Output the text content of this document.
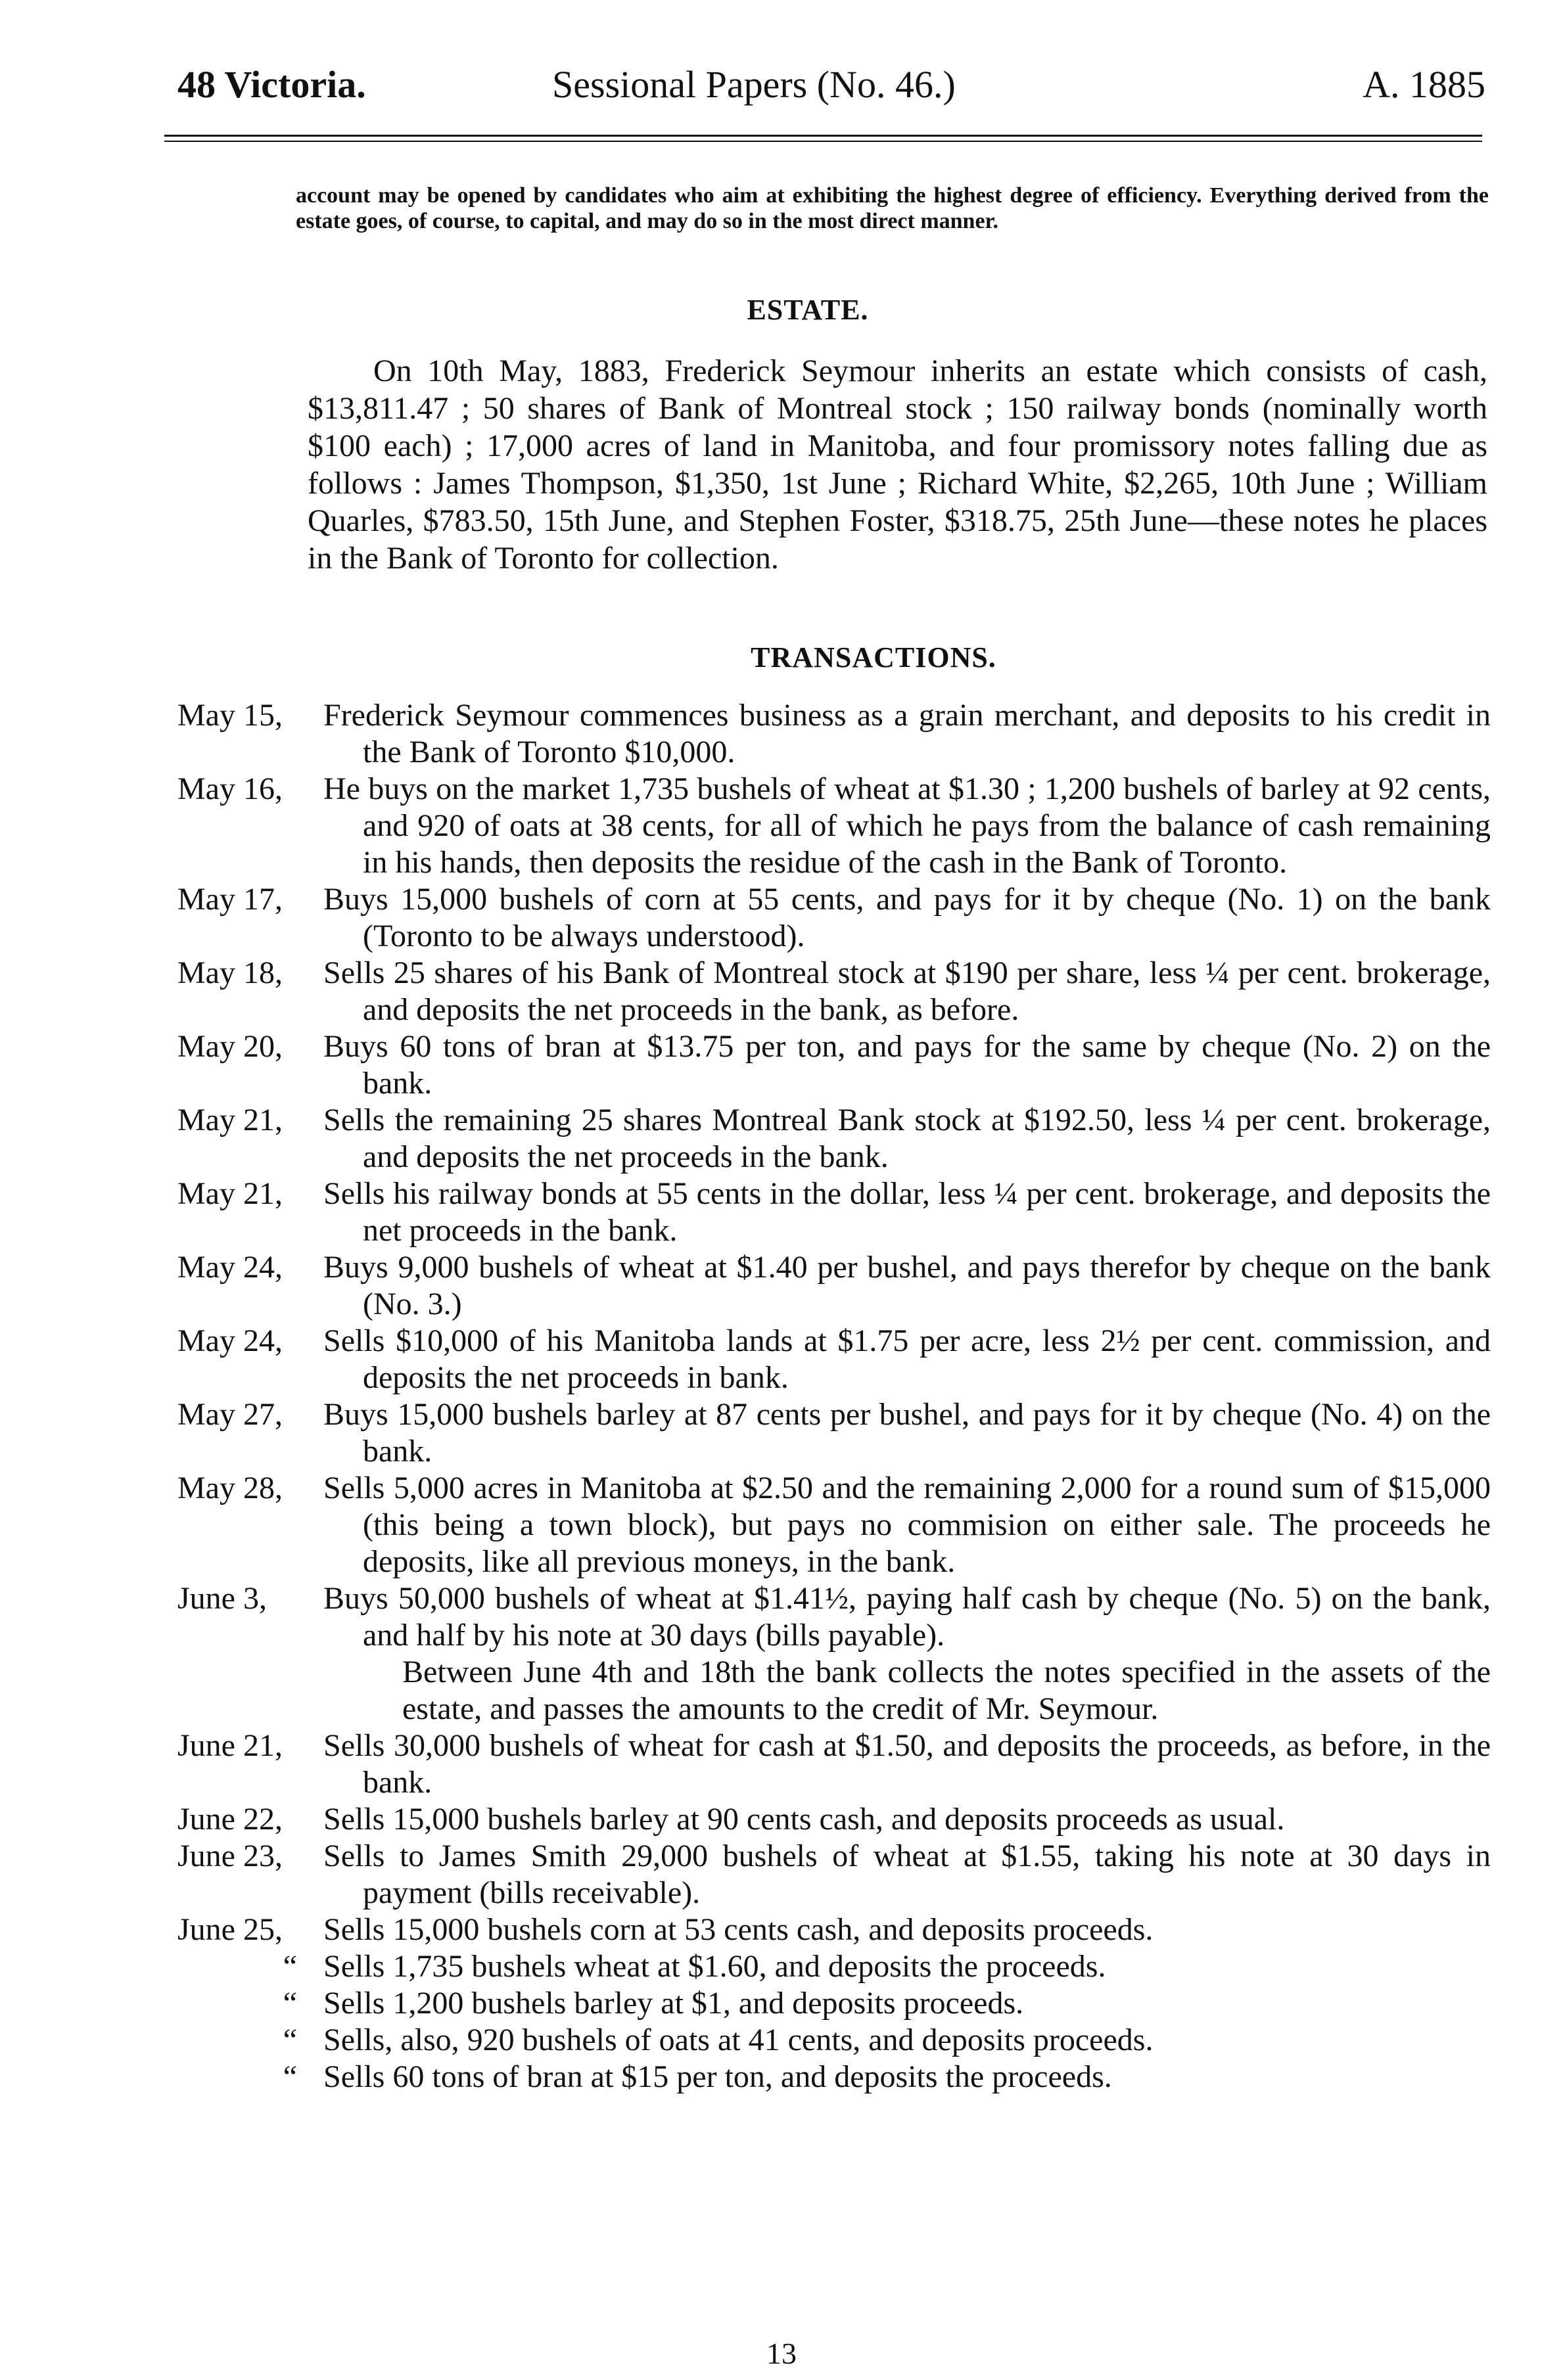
48 Victoria.	Sessional Papers (No. 46.)	A. 1885

account may be opened by candidates who aim at exhibiting the highest degree of efficiency. Everything derived from the estate goes, of course, to capital, and may do so in the most direct manner.

ESTATE.

On 10th May, 1883, Frederick Seymour inherits an estate which consists of cash, $13,811.47 ; 50 shares of Bank of Montreal stock ; 150 railway bonds (nominally worth $100 each) ; 17,000 acres of land in Manitoba, and four promissory notes falling due as follows : James Thompson, $1,350, 1st June ; Richard White, $2,265, 10th June ; William Quarles, $783.50, 15th June, and Stephen Foster, $318.75, 25th June—these notes he places in the Bank of Toronto for collection.

TRANSACTIONS.
May 15,	Frederick Seymour commences business as a grain merchant, and deposits to his credit in the Bank of Toronto $10,000.
May 16,	He buys on the market 1,735 bushels of wheat at $1.30 ; 1,200 bushels of barley at 92 cents, and 920 of oats at 38 cents, for all of which he pays from the balance of cash remaining in his hands, then deposits the residue of the cash in the Bank of Toronto.
May 17,	Buys 15,000 bushels of corn at 55 cents, and pays for it by cheque (No. 1) on the bank (Toronto to be always understood).
May 18,	Sells 25 shares of his Bank of Montreal stock at $190 per share, less ¼ per cent. brokerage, and deposits the net proceeds in the bank, as before.
May 20,	Buys 60 tons of bran at $13.75 per ton, and pays for the same by cheque (No. 2) on the bank.
May 21,	Sells the remaining 25 shares Montreal Bank stock at $192.50, less ¼ per cent. brokerage, and deposits the net proceeds in the bank.
May 21,	Sells his railway bonds at 55 cents in the dollar, less ¼ per cent. brokerage, and deposits the net proceeds in the bank.
May 24,	Buys 9,000 bushels of wheat at $1.40 per bushel, and pays therefor by cheque on the bank (No. 3.)
May 24,	Sells $10,000 of his Manitoba lands at $1.75 per acre, less 2½ per cent. commission, and deposits the net proceeds in bank.
May 27,	Buys 15,000 bushels barley at 87 cents per bushel, and pays for it by cheque (No. 4) on the bank.
May 28,	Sells 5,000 acres in Manitoba at $2.50 and the remaining 2,000 for a round sum of $15,000 (this being a town block), but pays no commision on either sale. The proceeds he deposits, like all previous moneys, in the bank.
June 3,	Buys 50,000 bushels of wheat at $1.41½, paying half cash by cheque (No. 5) on the bank, and half by his note at 30 days (bills payable).
Between June 4th and 18th the bank collects the notes specified in the assets of the estate, and passes the amounts to the credit of Mr. Seymour.
June 21,	Sells 30,000 bushels of wheat for cash at $1.50, and deposits the proceeds, as before, in the bank.
June 22,	Sells 15,000 bushels barley at 90 cents cash, and deposits proceeds as usual.
June 23,	Sells to James Smith 29,000 bushels of wheat at $1.55, taking his note at 30 days in payment (bills receivable).
June 25,	Sells 15,000 bushels corn at 53 cents cash, and deposits proceeds.
“ Sells 1,735 bushels wheat at $1.60, and deposits the proceeds.
“ Sells 1,200 bushels barley at $1, and deposits proceeds.
“ Sells, also, 920 bushels of oats at 41 cents, and deposits proceeds.
“ Sells 60 tons of bran at $15 per ton, and deposits the proceeds.

13
